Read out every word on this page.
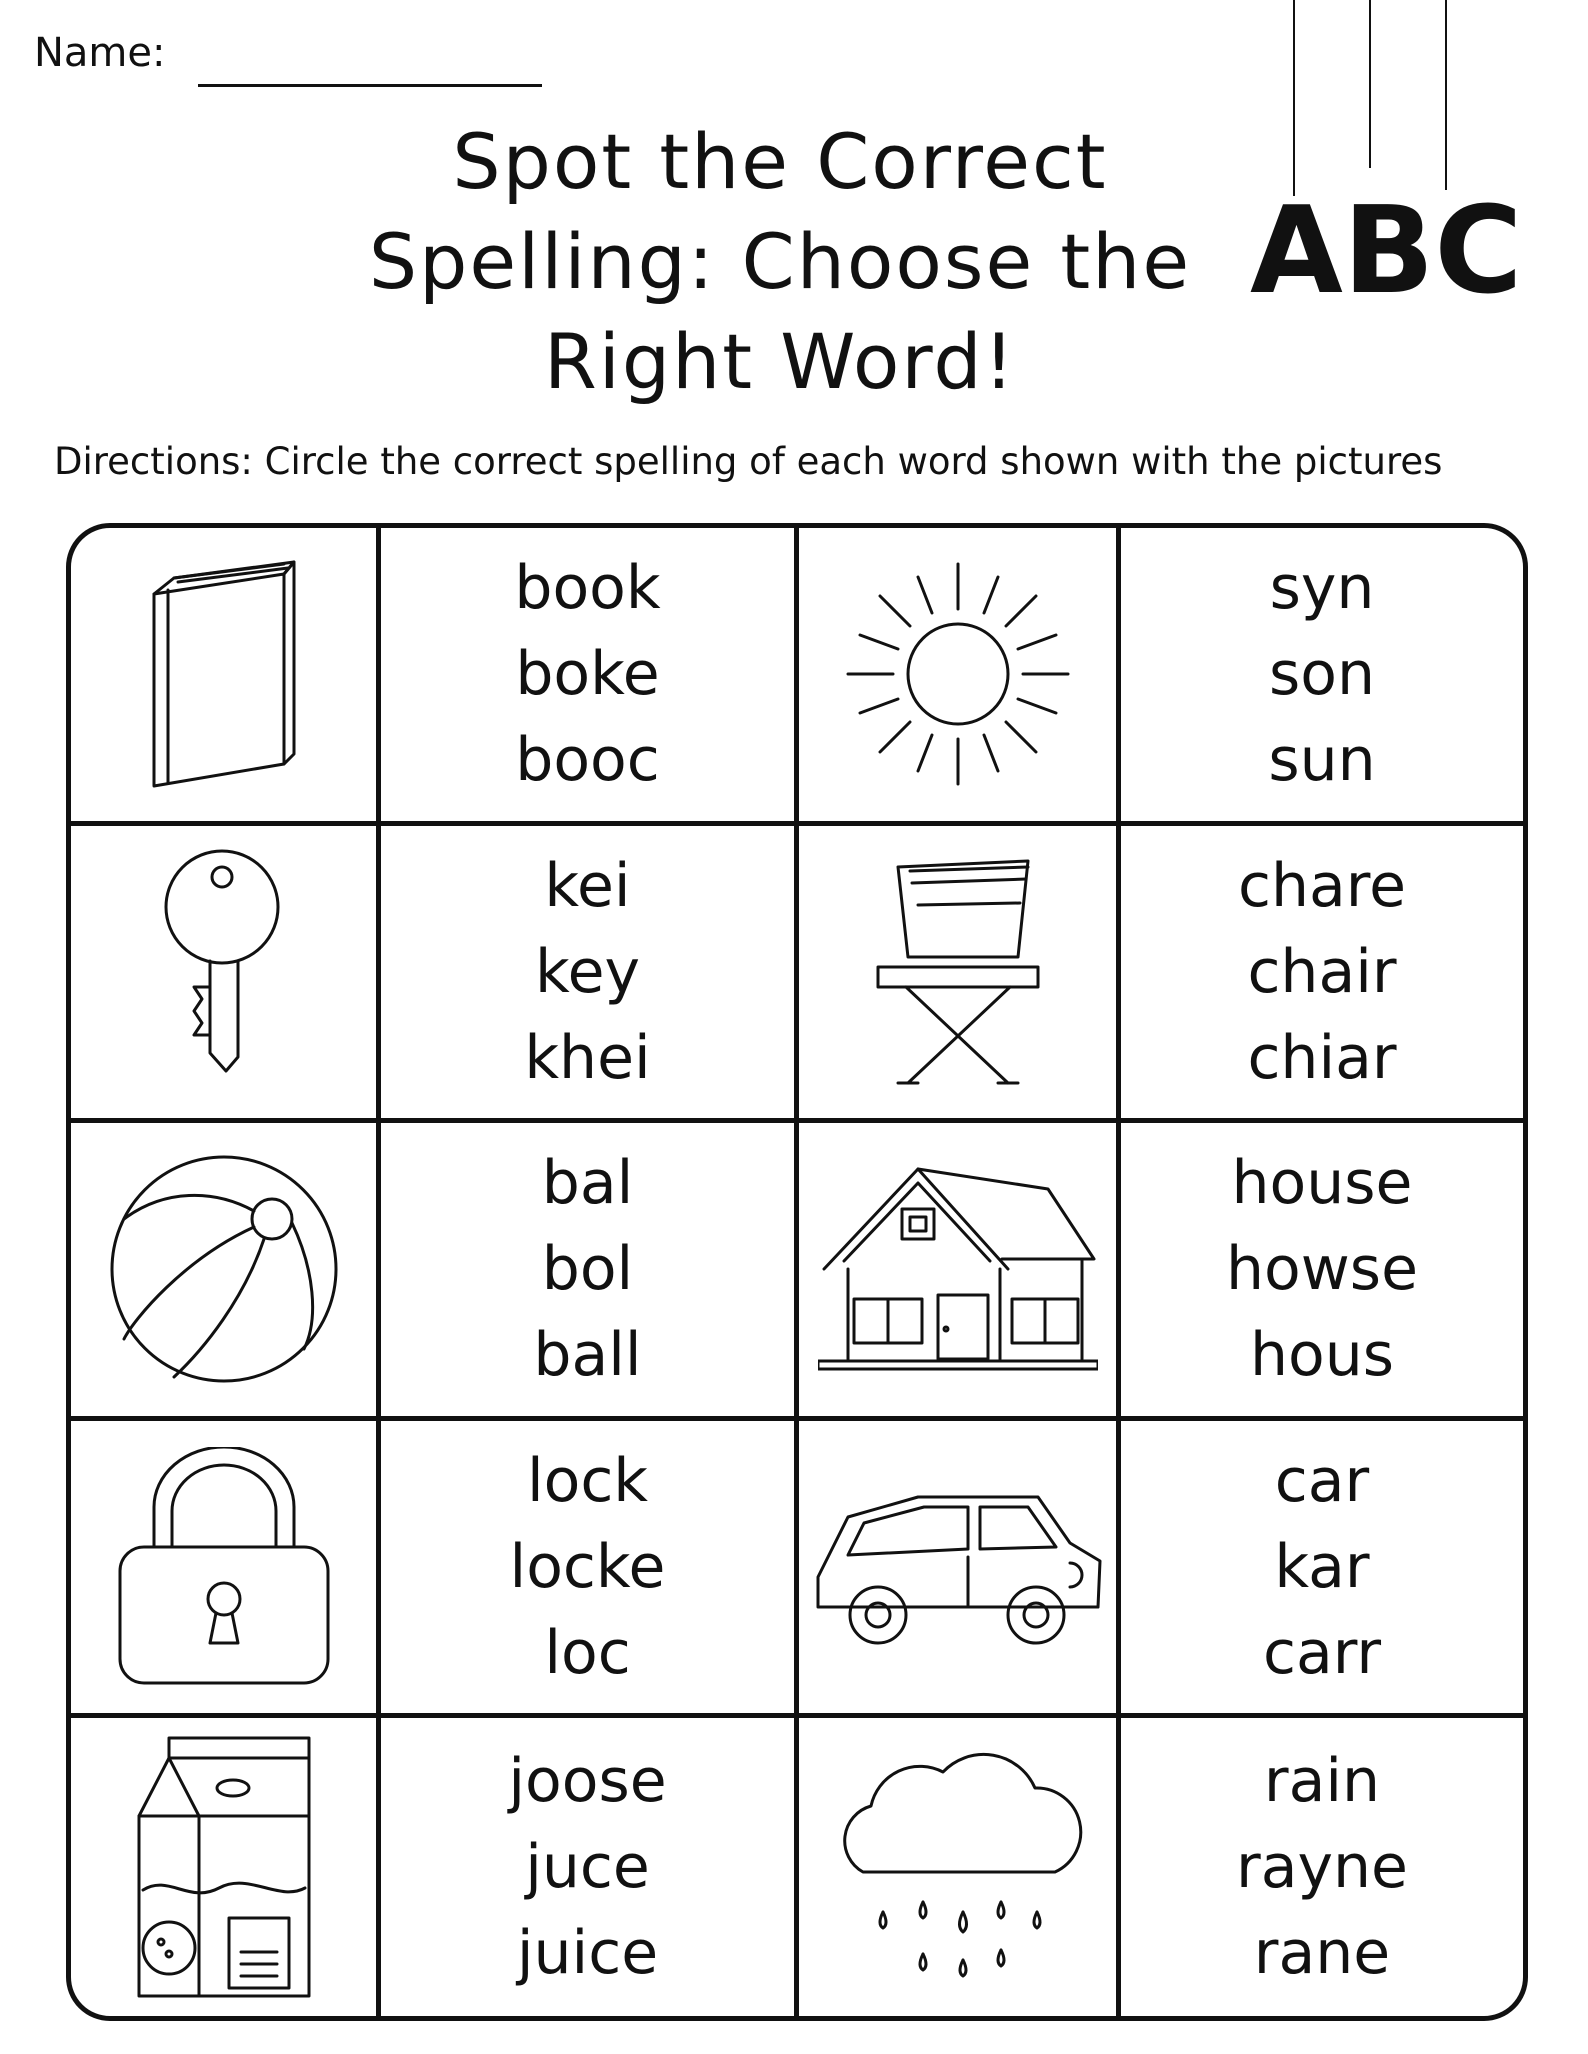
Name:
Spot the Correct
Spelling: Choose the
Right Word!
ABC
Directions: Circle the correct spelling of each word shown with the pictures
book
boke
booc
syn
son
sun
kei
key
khei
chare
chair
chiar
bal
bol
ball
house
howse
hous
lock
locke
loc
car
kar
carr
joose
juce
juice
rain
rayne
rane
